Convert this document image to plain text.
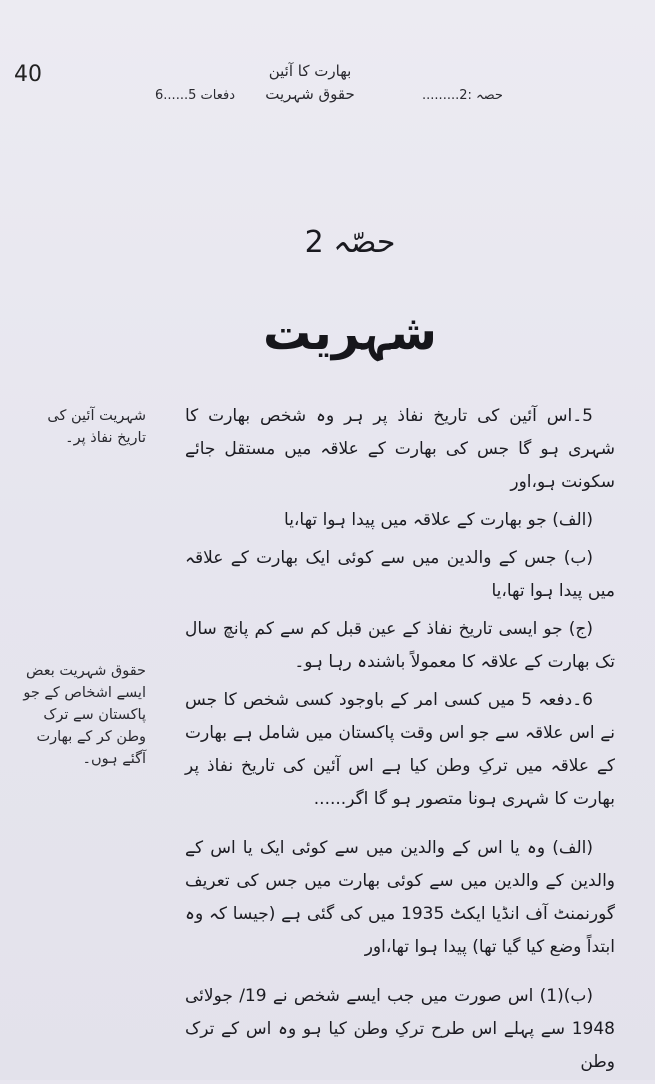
40	بھارت کا آئین
حقوق شہریت	حصہ :2.........
دفعات 5......6
حصّہ 2
شہریت
شہریت آئین کی تاریخ نفاذ پر۔
حقوق شہریت بعض ایسے اشخاص کے جو پاکستان سے ترک وطن کر کے بھارت آگئے ہوں۔

5۔اس آئین کی تاریخ نفاذ پر ہر وہ شخص بھارت کا شہری ہو گا جس کی بھارت کے علاقہ میں مستقل جائے سکونت ہو،اور

(الف) جو بھارت کے علاقہ میں پیدا ہوا تھا،یا

(ب) جس کے والدین میں سے کوئی ایک بھارت کے علاقہ میں پیدا ہوا تھا،یا

(ج) جو ایسی تاریخ نفاذ کے عین قبل کم سے کم پانچ سال تک بھارت کے علاقہ کا معمولاً باشندہ رہا ہو۔

6۔دفعہ 5 میں کسی امر کے باوجود کسی شخص کا جس نے اس علاقہ سے جو اس وقت پاکستان میں شامل ہے بھارت کے علاقہ میں ترکِ وطن کیا ہے اس آئین کی تاریخ نفاذ پر بھارت کا شہری ہونا متصور ہو گا اگر......

(الف) وہ یا اس کے والدین میں سے کوئی ایک یا اس کے والدین کے والدین میں سے کوئی بھارت میں جس کی تعریف گورنمنٹ آف انڈیا ایکٹ 1935 میں کی گئی ہے (جیسا کہ وہ ابتداً وضع کیا گیا تھا) پیدا ہوا تھا،اور

(ب)(1) اس صورت میں جب ایسے شخص نے 19/ جولائی 1948 سے پہلے اس طرح ترکِ وطن کیا ہو وہ اس کے ترک وطن
